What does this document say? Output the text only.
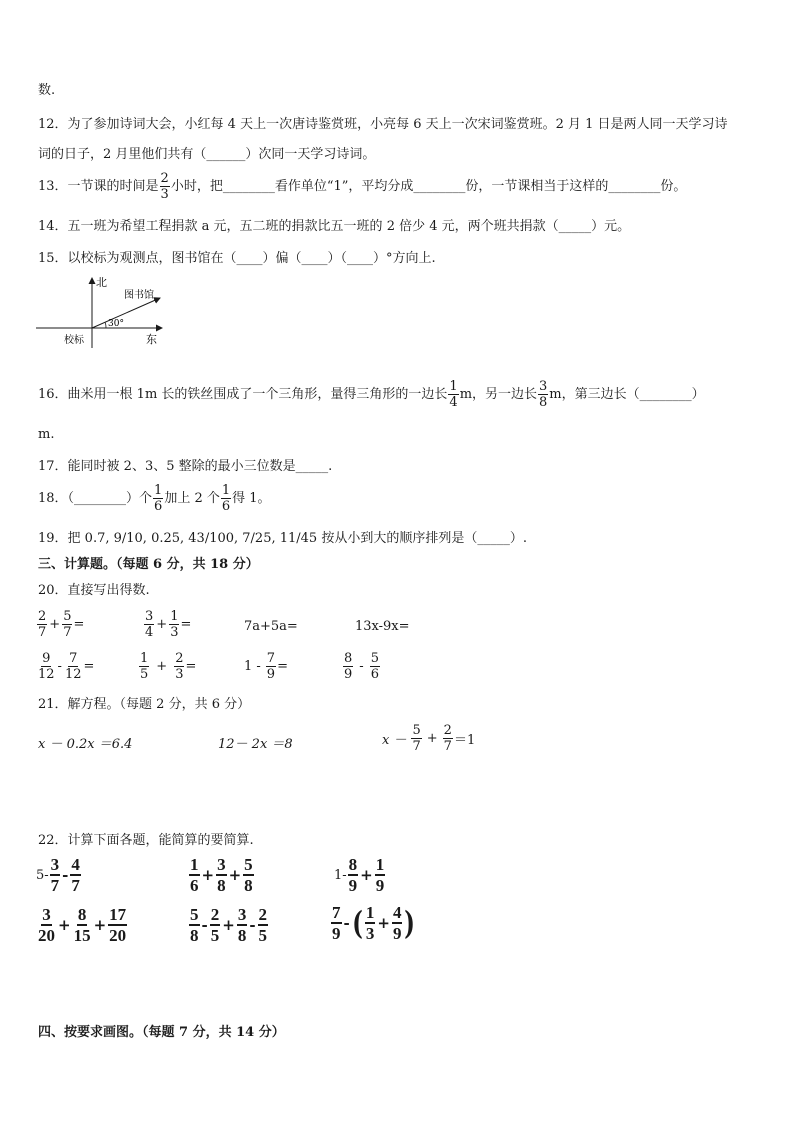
数.
12．为了参加诗词大会，小红每 4 天上一次唐诗鉴赏班，小亮每 6 天上一次宋词鉴赏班。2 月 1 日是两人同一天学习诗
词的日子，2 月里他们共有（______）次同一天学习诗词。
13．一节课的时间是 $\frac{2}{3}$ 小时，把________看作单位“1”，平均分成________份，一节课相当于这样的________份。
14．五一班为希望工程捐款 a 元，五二班的捐款比五一班的 2 倍少 4 元，两个班共捐款（_____）元。
15．以校标为观测点，图书馆在（____）偏（____）（____）°方向上.
北
图书馆
30°
校标	东
16．曲米用一根 1m 长的铁丝围成了一个三角形，量得三角形的一边长 $\frac{1}{4}$ m，另一边长 $\frac{3}{8}$ m，第三边长（________）
m.
17．能同时被 2、3、5 整除的最小三位数是_____.
18．（________）个 $\frac{1}{6}$ 加上 2 个 $\frac{1}{6}$ 得 1。
19．把 0.7, 9/10, 0.25, 43/100, 7/25, 11/45 按从小到大的顺序排列是（_____）.
三、计算题。（每题 6 分，共 18 分）
20．直接写出得数.
$\frac{2}{7} + \frac{5}{7}$ =	$\frac{3}{4} + \frac{1}{3}$ =	7a+5a=	13x-9x=
$\frac{9}{12} - \frac{7}{12}$ =	$\frac{1}{5} + \frac{2}{3}$ =	$1 - \frac{7}{9}$ =	$\frac{8}{9} - \frac{5}{6}$
21．解方程。（每题 2 分，共 6 分）
x － 0.2x ＝6.4	12－ 2x ＝8	$x - \frac{5}{7} + \frac{2}{7} =1$
22．计算下面各题，能简算的要简算.
$5- \frac{3}{7} - \frac{4}{7}$	$\frac{1}{6} + \frac{3}{8} + \frac{5}{8}$	$1- \frac{8}{9} + \frac{1}{9}$
$\frac{3}{20} + \frac{8}{15} + \frac{17}{20}$	$\frac{5}{8} - \frac{2}{5} + \frac{3}{8} - \frac{2}{5}$	$\frac{7}{9}$ - ( $\frac{1}{3} + \frac{4}{9}$ )
四、按要求画图。（每题 7 分，共 14 分）
